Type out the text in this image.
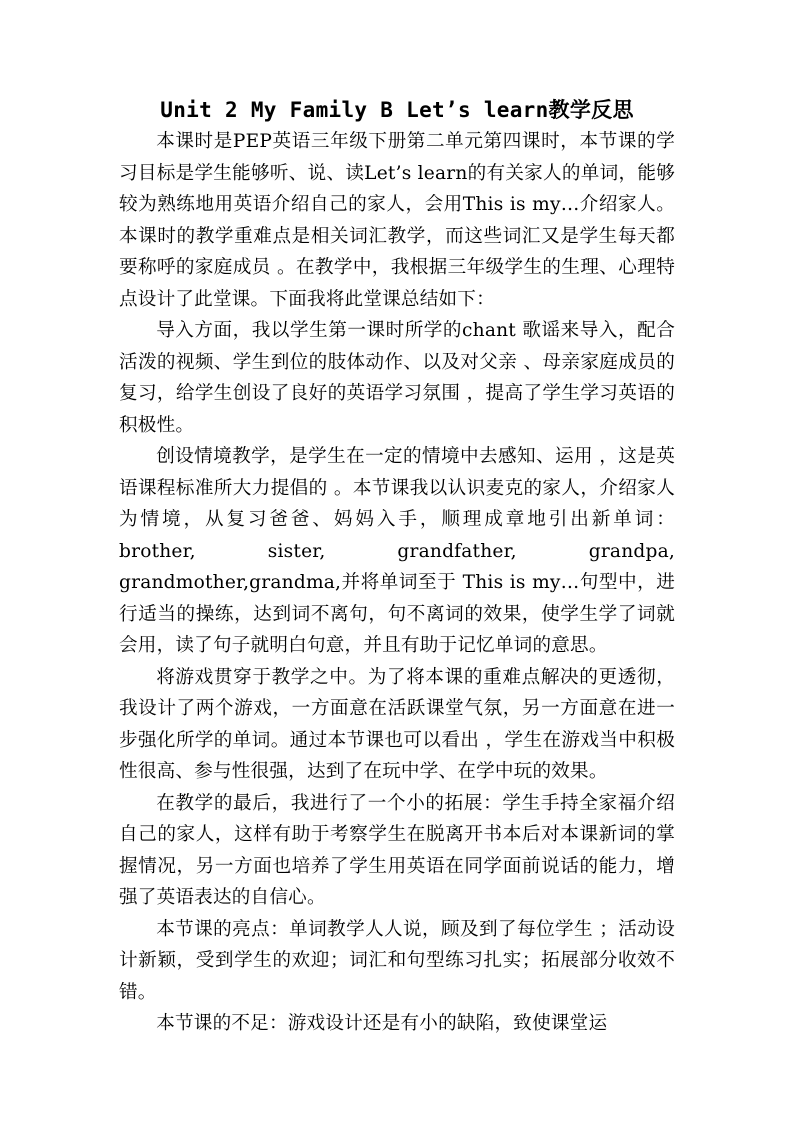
Unit 2 My Family B Let’s learn教学反思

本课时是PEP英语三年级下册第二单元第四课时，本节课的学习目标是学生能够听、说、读Let’s learn的有关家人的单词，能够较为熟练地用英语介绍自己的家人，会用This is my…介绍家人。本课时的教学重难点是相关词汇教学，而这些词汇又是学生每天都要称呼的家庭成员 。在教学中，我根据三年级学生的生理、心理特点设计了此堂课。下面我将此堂课总结如下：

导入方面，我以学生第一课时所学的chant 歌谣来导入，配合活泼的视频、学生到位的肢体动作、以及对父亲 、母亲家庭成员的复习，给学生创设了良好的英语学习氛围 ，提高了学生学习英语的积极性。

创设情境教学，是学生在一定的情境中去感知、运用 ，这是英语课程标准所大力提倡的 。本节课我以认识麦克的家人，介绍家人为情境，从复习爸爸、妈妈入手，顺理成章地引出新单词：brother, sister, grandfather, grandpa, grandmother,grandma,并将单词至于 This is my…句型中，进行适当的操练，达到词不离句，句不离词的效果，使学生学了词就会用，读了句子就明白句意，并且有助于记忆单词的意思。

将游戏贯穿于教学之中。为了将本课的重难点解决的更透彻，我设计了两个游戏，一方面意在活跃课堂气氛，另一方面意在进一步强化所学的单词。通过本节课也可以看出 ，学生在游戏当中积极性很高、参与性很强，达到了在玩中学、在学中玩的效果。

在教学的最后，我进行了一个小的拓展：学生手持全家福介绍自己的家人，这样有助于考察学生在脱离开书本后对本课新词的掌握情况，另一方面也培养了学生用英语在同学面前说话的能力，增强了英语表达的自信心。

本节课的亮点：单词教学人人说，顾及到了每位学生 ；活动设计新颖，受到学生的欢迎；词汇和句型练习扎实；拓展部分收效不错。

本节课的不足：游戏设计还是有小的缺陷，致使课堂运
